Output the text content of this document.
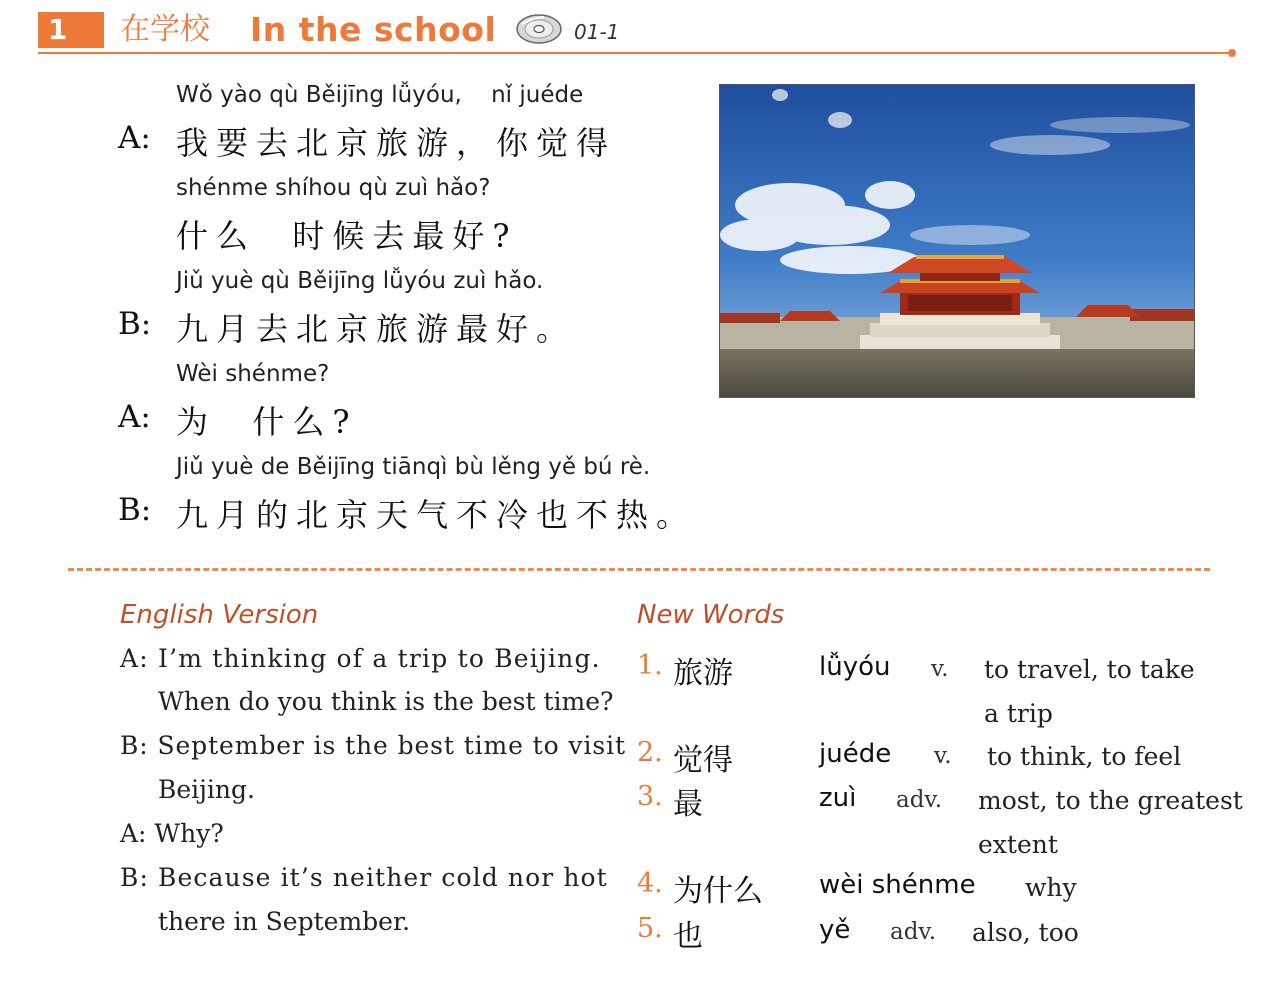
1	在学校 In the school	01-1
Wǒ yào qù Běijīng lǚyóu,    nǐ juéde
A: 我要去北京旅游，你觉得
shénme shíhou qù zuì hǎo?
什么  时候去最好?
Jiǔ yuè qù Běijīng lǚyóu zuì hǎo.
B: 九月去北京旅游最好。
Wèi shénme?
A: 为  什么?
Jiǔ yuè de Běijīng tiānqì bù lěng yě bú rè.
B: 九月的北京天气不冷也不热。
English Version
A: I’m thinking of a trip to Beijing.
When do you think is the best time?
B: September is the best time to visit
Beijing.
A: Why?
B: Because it’s neither cold nor hot
there in September.
New Words
1. 旅游	lǚyóu v. to travel, to take
a trip
2. 觉得	juéde v. to think, to feel
3. 最	zuì adv. most, to the greatest
extent
4. 为什么 wèi shénme why
5. 也	yě adv. also, too
